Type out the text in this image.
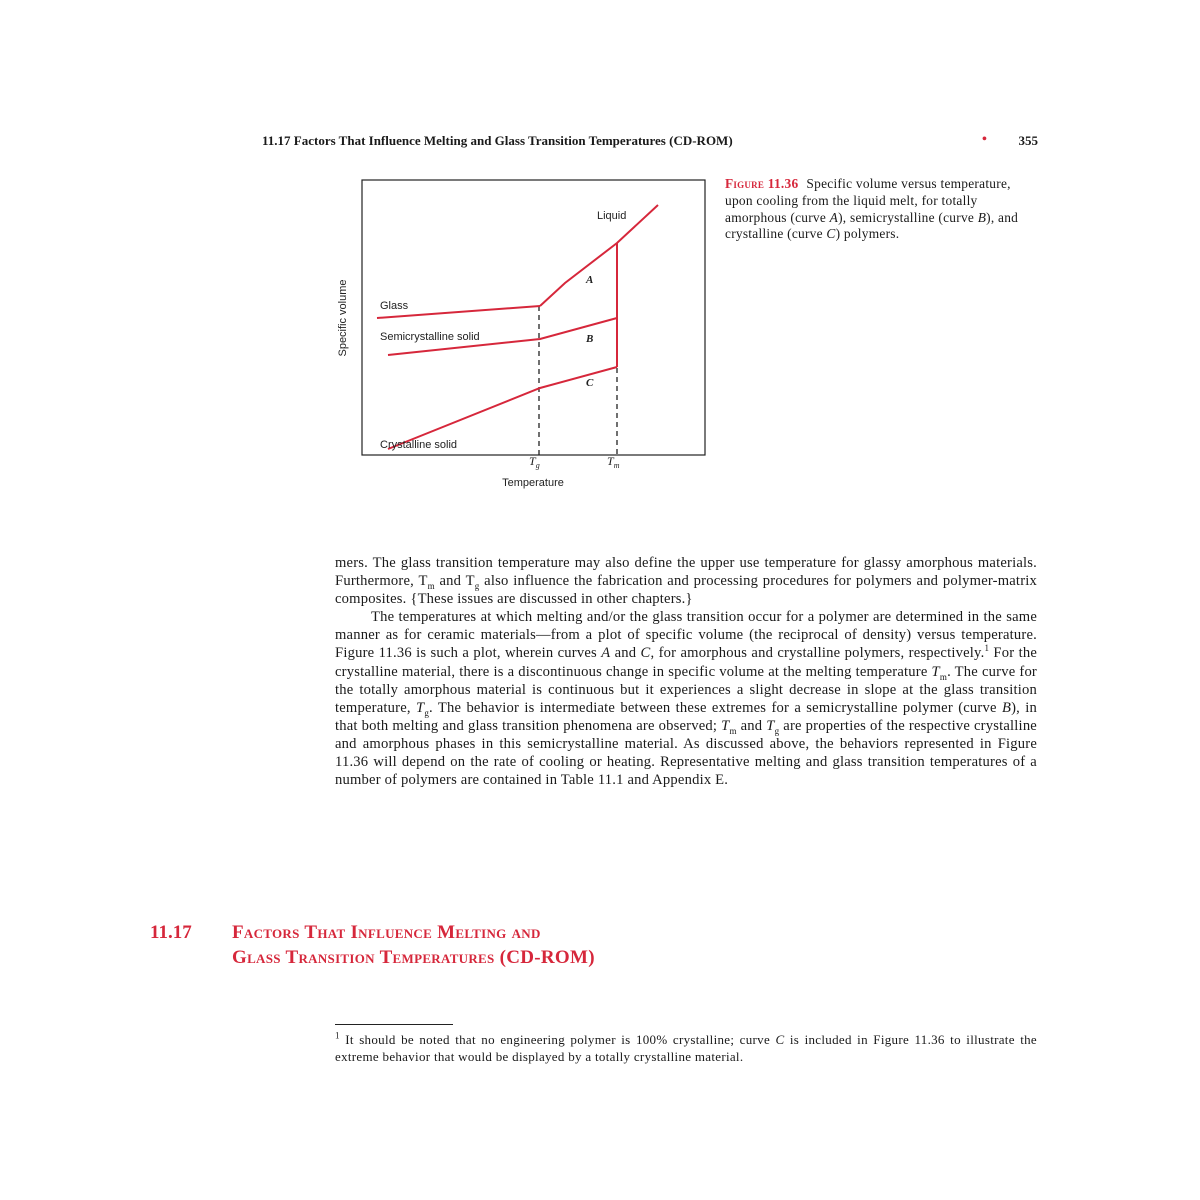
11.17 Factors That Influence Melting and Glass Transition Temperatures (CD-ROM)	• 355
Liquid
Glass
Semicrystalline solid
Crystalline solid
A
B
C
$T_g$	$T_m$
Temperature
Specific volume
Figure 11.36 Specific volume versus temperature, upon cooling from the liquid melt, for totally amorphous (curve A), semicrystalline (curve B), and crystalline (curve C) polymers.

mers. The glass transition temperature may also define the upper use temperature for glassy amorphous materials. Furthermore, $T_m$ and $T_g$ also influence the fabrication and processing procedures for polymers and polymer-matrix composites. {These issues are discussed in other chapters.}

The temperatures at which melting and/or the glass transition occur for a polymer are determined in the same manner as for ceramic materials—from a plot of specific volume (the reciprocal of density) versus temperature. Figure 11.36 is such a plot, wherein curves A and C, for amorphous and crystalline polymers, respectively.$^1$ For the crystalline material, there is a discontinuous change in specific volume at the melting temperature $T_m$. The curve for the totally amorphous material is continuous but it experiences a slight decrease in slope at the glass transition temperature, $T_g$. The behavior is intermediate between these extremes for a semicrystalline polymer (curve B), in that both melting and glass transition phenomena are observed; $T_m$ and $T_g$ are properties of the respective crystalline and amorphous phases in this semicrystalline material. As discussed above, the behaviors represented in Figure 11.36 will depend on the rate of cooling or heating. Representative melting and glass transition temperatures of a number of polymers are contained in Table 11.1 and Appendix E.

11.17 Factors That Influence Melting and
Glass Transition Temperatures (CD-ROM)
$^1$ It should be noted that no engineering polymer is 100% crystalline; curve C is included in Figure 11.36 to illustrate the extreme behavior that would be displayed by a totally crystalline material.
